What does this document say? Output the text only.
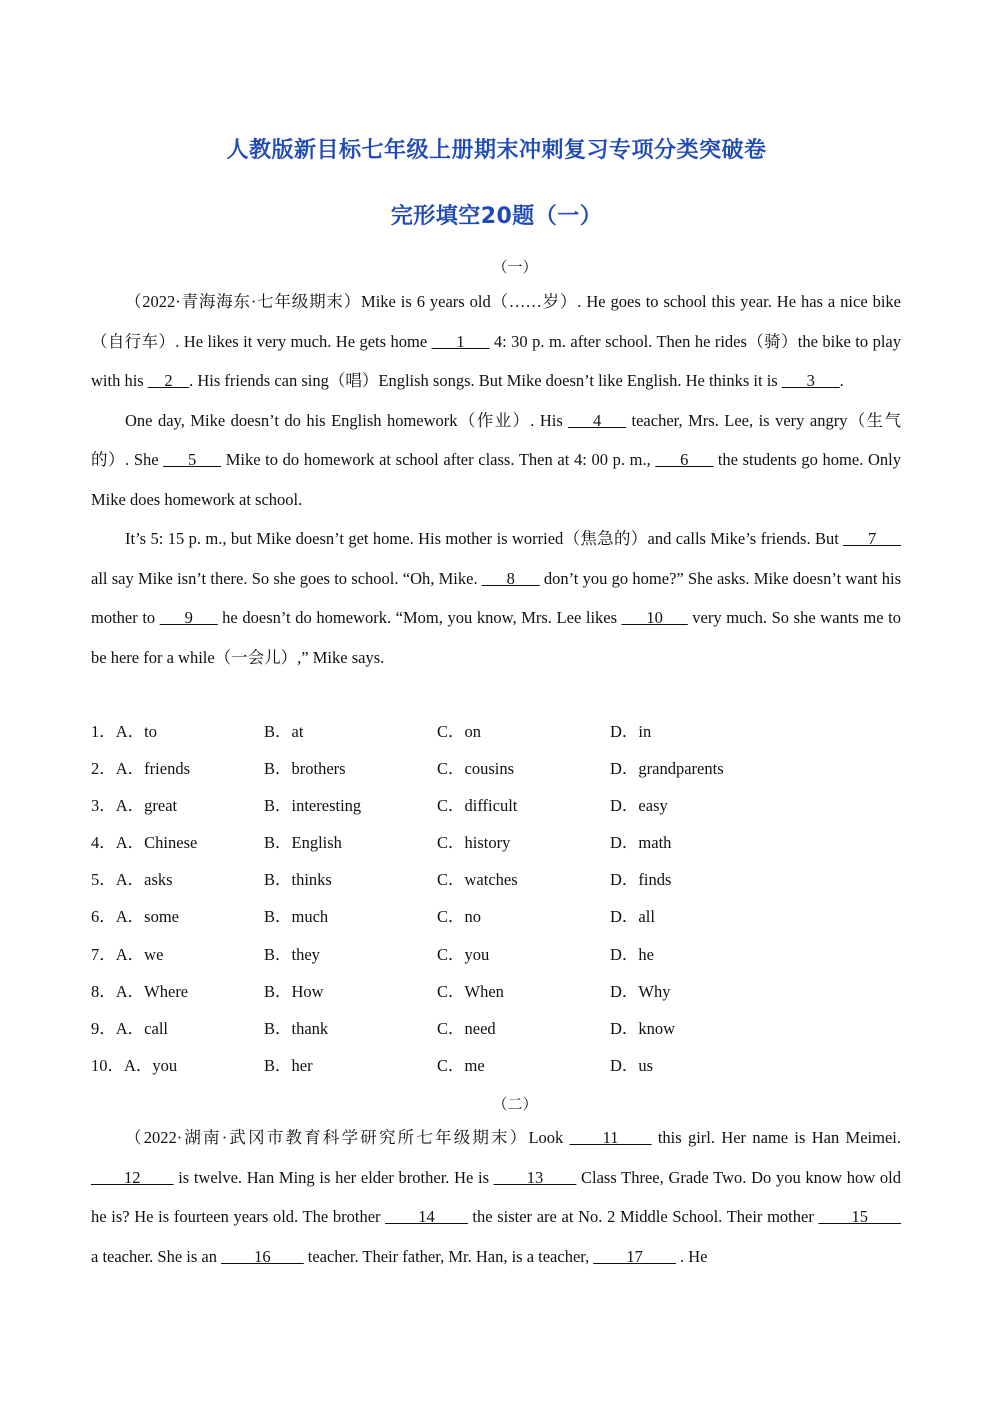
人教版新目标七年级上册期末冲刺复习专项分类突破卷
完形填空20题（一）
（一）

（2022·青海海东·七年级期末）Mike is 6 years old（……岁）. He goes to school this year. He has a nice bike（自行车）. He likes it very much. He gets home ___1___ 4: 30 p. m. after school. Then he rides（骑）the bike to play with his __2__. His friends can sing（唱）English songs. But Mike doesn’t like English. He thinks it is ___3___.

One day, Mike doesn’t do his English homework（作业）. His ___4___ teacher, Mrs. Lee, is very angry（生气的）. She ___5___ Mike to do homework at school after class. Then at 4: 00 p. m., ___6___ the students go home. Only Mike does homework at school.

It’s 5: 15 p. m., but Mike doesn’t get home. His mother is worried（焦急的）and calls Mike’s friends. But ___7___ all say Mike isn’t there. So she goes to school. “Oh, Mike. ___8___ don’t you go home?” She asks. Mike doesn’t want his mother to ___9___ he doesn’t do homework. “Mom, you know, Mrs. Lee likes ___10___ very much. So she wants me to be here for a while（一会儿）,” Mike says.

1．A．to	B．at	C．on	D．in
2．A．friends	B．brothers	C．cousins	D．grandparents
3．A．great	B．interesting	C．difficult	D．easy
4．A．Chinese	B．English	C．history	D．math
5．A．asks	B．thinks	C．watches	D．finds
6．A．some	B．much	C．no	D．all
7．A．we	B．they	C．you	D．he
8．A．Where	B．How	C．When	D．Why
9．A．call	B．thank	C．need	D．know
10．A．you	B．her	C．me	D．us
（二）

（2022·湖南·武冈市教育科学研究所七年级期末）Look ____11____ this girl. Her name is Han Meimei. ____12____ is twelve. Han Ming is her elder brother. He is ____13____ Class Three, Grade Two. Do you know how old he is? He is fourteen years old. The brother ____14____ the sister are at No. 2 Middle School. Their mother ____15____ a teacher. She is an ____16____ teacher. Their father, Mr. Han, is a teacher, ____17____ . He
